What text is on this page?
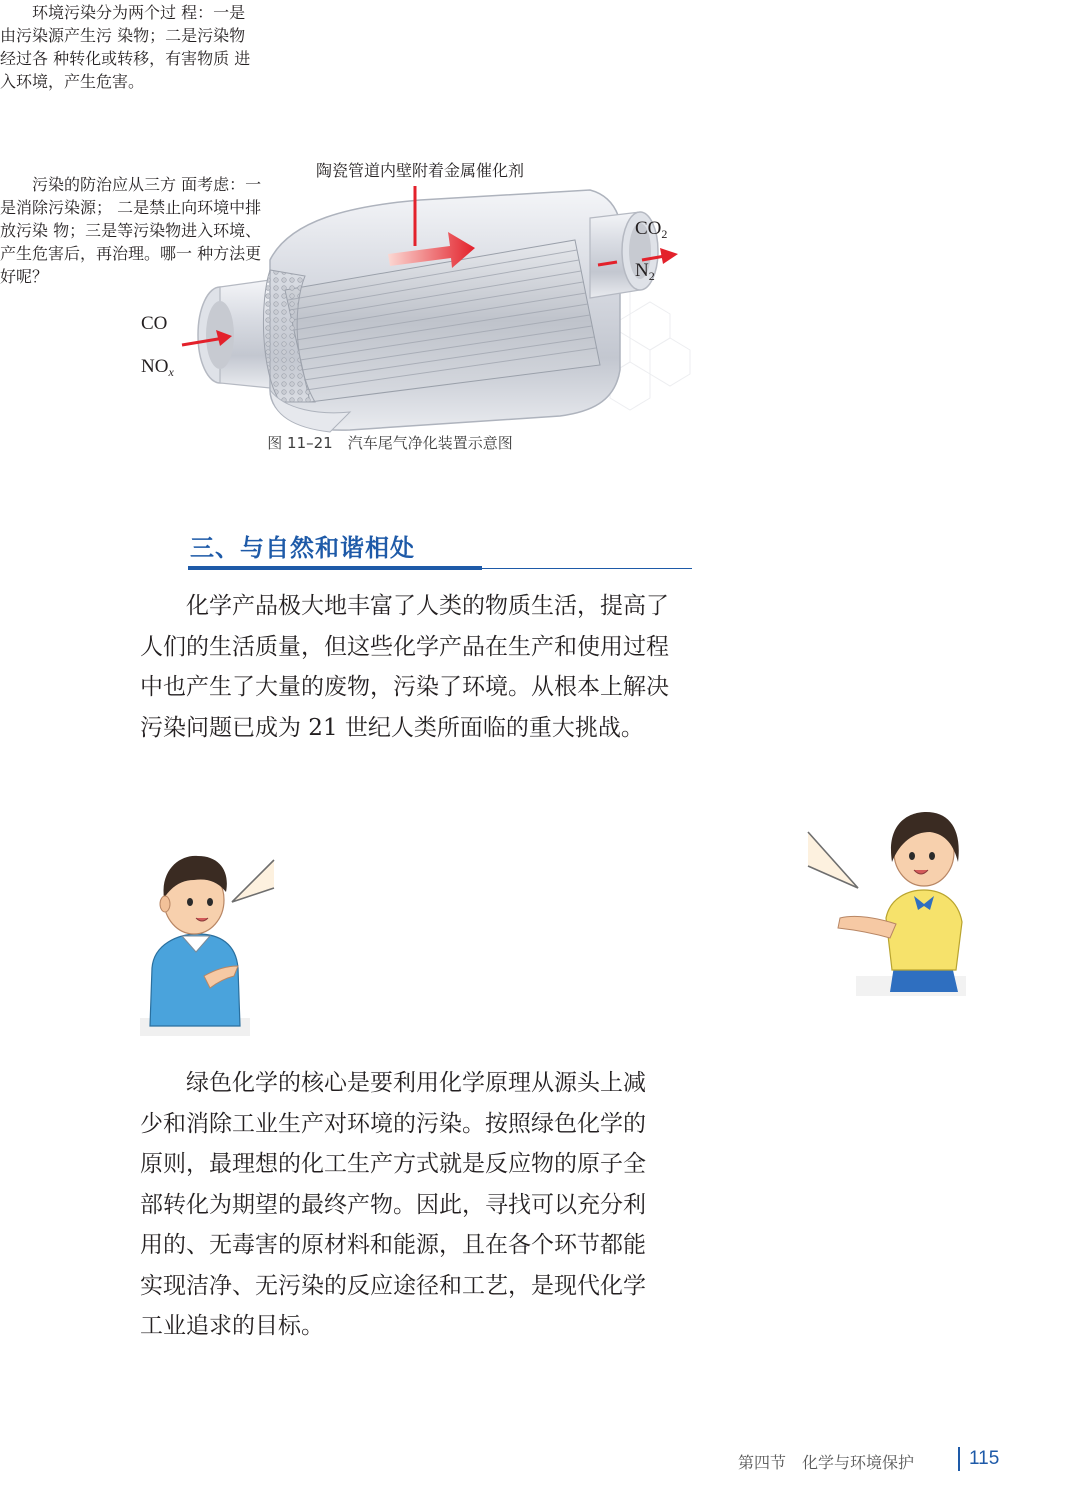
陶瓷管道内壁附着金属催化剂
CO
$NO_x$
$CO_2$
$N_2$
图 11–21　汽车尾气净化装置示意图
三、与自然和谐相处
化学产品极大地丰富了人类的物质生活，提高了
人们的生活质量，但这些化学产品在生产和使用过程
中也产生了大量的废物，污染了环境。从根本上解决
污染问题已成为 21 世纪人类所面临的重大挑战。
　　环境污染分为两个过 程：一是由污染源产生污 染物；二是污染物经过各 种转化或转移，有害物质 进入环境，产生危害。
　　污染的防治应从三方 面考虑：一是消除污染源； 二是禁止向环境中排放污染 物；三是等污染物进入环境、 产生危害后，再治理。哪一 种方法更好呢？
绿色化学的核心是要利用化学原理从源头上减
少和消除工业生产对环境的污染。按照绿色化学的
原则，最理想的化工生产方式就是反应物的原子全
部转化为期望的最终产物。因此，寻找可以充分利
用的、无毒害的原材料和能源，且在各个环节都能
实现洁净、无污染的反应途径和工艺，是现代化学
工业追求的目标。
第四节　化学与环境保护	115
